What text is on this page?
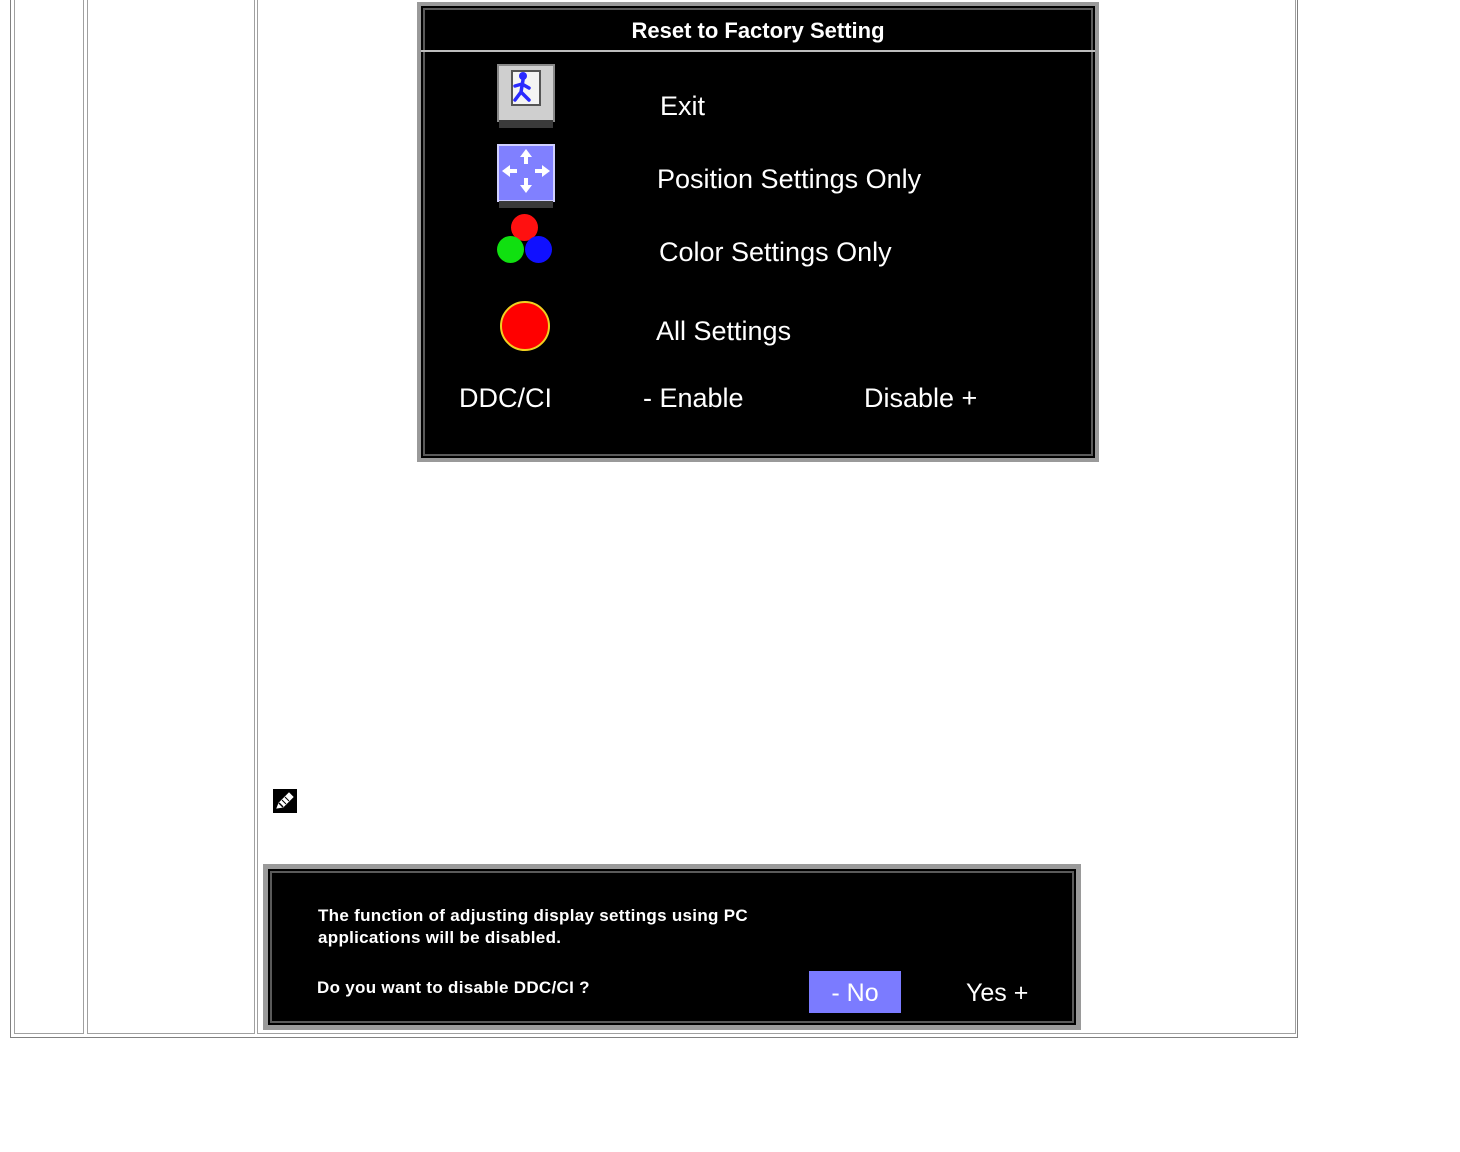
Reset to Factory Setting
Exit
Position Settings Only
Color Settings Only
All Settings
DDC/CI	- Enable	Disable +
The function of adjusting display settings using PC
applications will be disabled.
Do you want to disable DDC/CI ?	- No	Yes +
